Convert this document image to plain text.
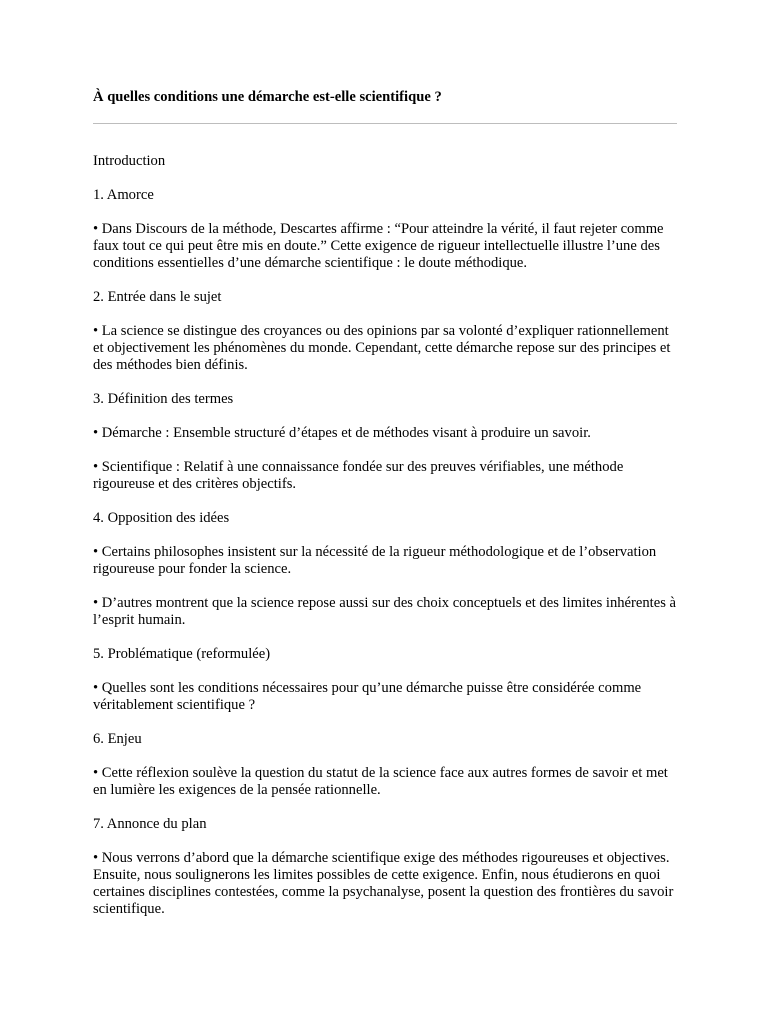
À quelles conditions une démarche est-elle scientifique ?

Introduction

1. Amorce

• Dans Discours de la méthode, Descartes affirme : “Pour atteindre la vérité, il faut rejeter comme faux tout ce qui peut être mis en doute.” Cette exigence de rigueur intellectuelle illustre l’une des conditions essentielles d’une démarche scientifique : le doute méthodique.

2. Entrée dans le sujet

• La science se distingue des croyances ou des opinions par sa volonté d’expliquer rationnellement et objectivement les phénomènes du monde. Cependant, cette démarche repose sur des principes et des méthodes bien définis.

3. Définition des termes

• Démarche : Ensemble structuré d’étapes et de méthodes visant à produire un savoir.

• Scientifique : Relatif à une connaissance fondée sur des preuves vérifiables, une méthode rigoureuse et des critères objectifs.

4. Opposition des idées

• Certains philosophes insistent sur la nécessité de la rigueur méthodologique et de l’observation rigoureuse pour fonder la science.

• D’autres montrent que la science repose aussi sur des choix conceptuels et des limites inhérentes à l’esprit humain.

5. Problématique (reformulée)

• Quelles sont les conditions nécessaires pour qu’une démarche puisse être considérée comme véritablement scientifique ?

6. Enjeu

• Cette réflexion soulève la question du statut de la science face aux autres formes de savoir et met en lumière les exigences de la pensée rationnelle.

7. Annonce du plan

• Nous verrons d’abord que la démarche scientifique exige des méthodes rigoureuses et objectives. Ensuite, nous soulignerons les limites possibles de cette exigence. Enfin, nous étudierons en quoi certaines disciplines contestées, comme la psychanalyse, posent la question des frontières du savoir scientifique.
